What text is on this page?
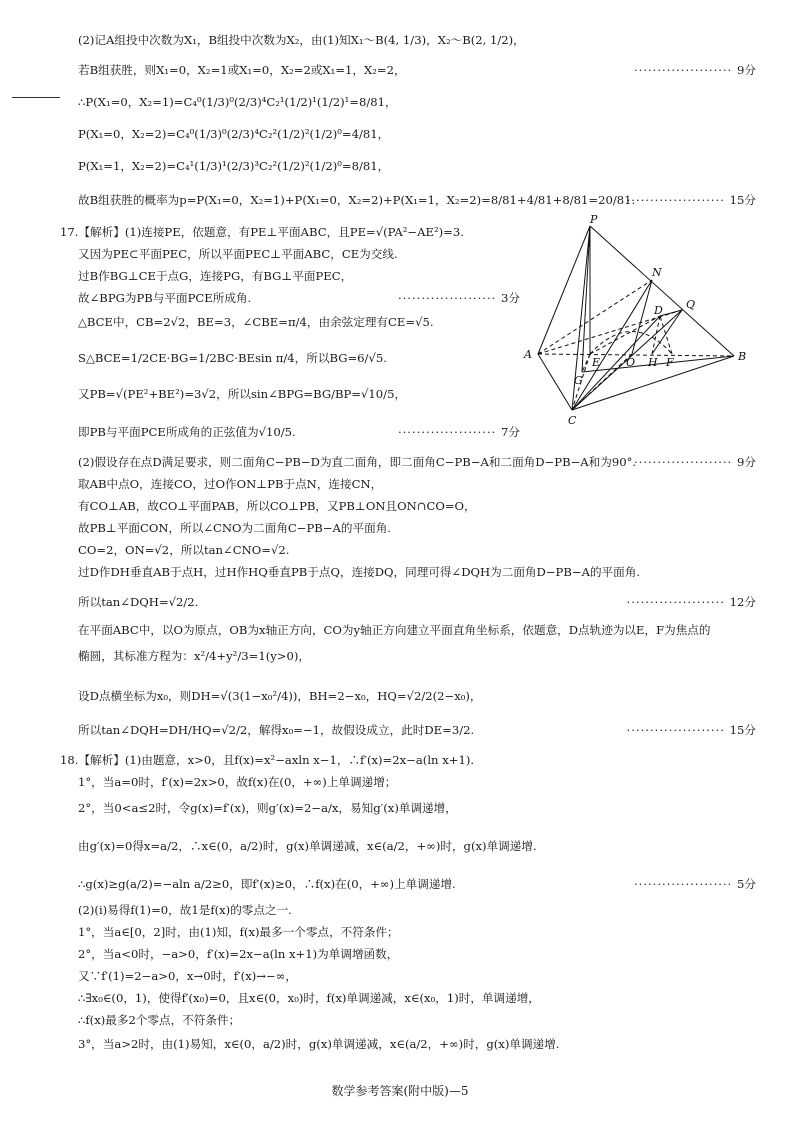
(2)记A组投中次数为X₁，B组投中次数为X₂，由(1)知X₁～B(4, 1/3)，X₂～B(2, 1/2)，
若B组获胜，则X₁=0，X₂=1或X₁=0，X₂=2或X₁=1，X₂=2，	····················· 9分
∴P(X₁=0，X₂=1)=C₄⁰(1/3)⁰(2/3)⁴C₂¹(1/2)¹(1/2)¹=8/81，
P(X₁=0，X₂=2)=C₄⁰(1/3)⁰(2/3)⁴C₂²(1/2)²(1/2)⁰=4/81，
P(X₁=1，X₂=2)=C₄¹(1/3)¹(2/3)³C₂²(1/2)²(1/2)⁰=8/81，
故B组获胜的概率为p=P(X₁=0，X₂=1)+P(X₁=0，X₂=2)+P(X₁=1，X₂=2)=8/81+4/81+8/81=20/81.
····················· 15分
17.【解析】(1)连接PE，依题意，有PE⊥平面ABC，且PE=√(PA²−AE²)=3.
又因为PE⊂平面PEC，所以平面PEC⊥平面ABC，CE为交线.
过B作BG⊥CE于点G，连接PG，有BG⊥平面PEC，
故∠BPG为PB与平面PCE所成角.	····················· 3分
△BCE中，CB=2√2，BE=3，∠CBE=π/4，由余弦定理有CE=√5.
S△BCE=1/2CE·BG=1/2BC·BEsin π/4，所以BG=6/√5.
又PB=√(PE²+BE²)=3√2，所以sin∠BPG=BG/BP=√10/5，
即PB与平面PCE所成角的正弦值为√10/5.	····················· 7分
(2)假设存在点D满足要求，则二面角C−PB−D为直二面角，即二面角C−PB−A和二面角D−PB−A和为90°.
····················· 9分
取AB中点O，连接CO，过O作ON⊥PB于点N，连接CN，
有CO⊥AB，故CO⊥平面PAB，所以CO⊥PB，又PB⊥ON且ON∩CO=O，
故PB⊥平面CON，所以∠CNO为二面角C−PB−A的平面角.
CO=2，ON=√2，所以tan∠CNO=√2.
过D作DH垂直AB于点H，过H作HQ垂直PB于点Q，连接DQ，同理可得∠DQH为二面角D−PB−A的平面角.
所以tan∠DQH=√2/2.	····················· 12分
在平面ABC中，以O为原点，OB为x轴正方向，CO为y轴正方向建立平面直角坐标系，依题意，D点轨迹为以E，F为焦点的
椭圆，其标准方程为：x²/4+y²/3=1(y>0)，
设D点横坐标为x₀，则DH=√(3(1−x₀²/4))，BH=2−x₀，HQ=√2/2(2−x₀)，
所以tan∠DQH=DH/HQ=√2/2，解得x₀=−1，故假设成立，此时DE=3/2.	····················· 15分
18.【解析】(1)由题意，x>0，且f(x)=x²−axln x−1，∴f′(x)=2x−a(ln x+1).
1°，当a=0时，f′(x)=2x>0，故f(x)在(0，+∞)上单调递增；
2°，当0<a≤2时，令g(x)=f′(x)，则g′(x)=2−a/x，易知g′(x)单调递增，
由g′(x)=0得x=a/2，∴x∈(0，a/2)时，g(x)单调递减，x∈(a/2，+∞)时，g(x)单调递增.
∴g(x)≥g(a/2)=−aln a/2≥0，即f′(x)≥0，∴f(x)在(0，+∞)上单调递增.	····················· 5分
(2)(ⅰ)易得f(1)=0，故1是f(x)的零点之一.
1°，当a∈[0，2]时，由(1)知，f(x)最多一个零点，不符条件；
2°，当a<0时，−a>0，f′(x)=2x−a(ln x+1)为单调增函数，
又∵f′(1)=2−a>0，x→0时，f′(x)→−∞，
∴∃x₀∈(0，1)，使得f′(x₀)=0，且x∈(0，x₀)时，f(x)单调递减，x∈(x₀，1)时，单调递增，
∴f(x)最多2个零点，不符条件；
3°，当a>2时，由(1)易知，x∈(0，a/2)时，g(x)单调递减，x∈(a/2，+∞)时，g(x)单调递增.
P
A	B
C
N
Q
D
E O H F
G
数学参考答案(附中版)—5
